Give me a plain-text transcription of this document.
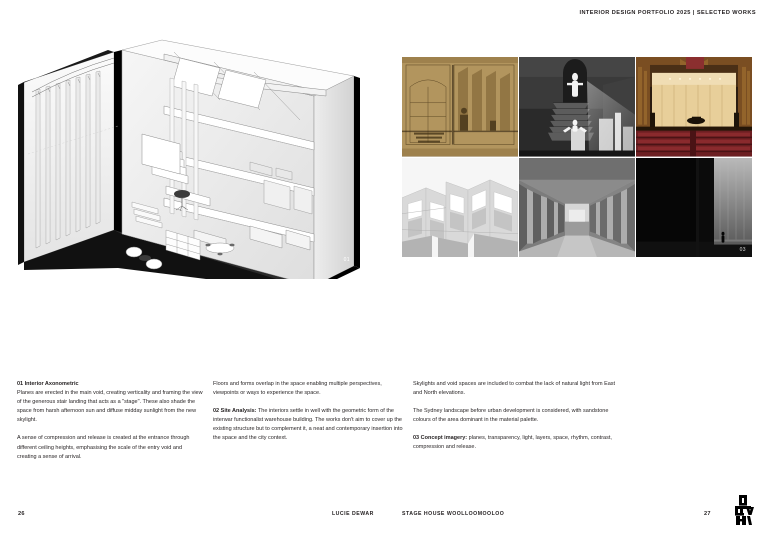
INTERIOR DESIGN PORTFOLIO 2025 | SELECTED WORKS
01
03

01 Interior Axonometric
Planes are erected in the main void, creating verticality and framing the view of the generous stair landing that acts as a "stage". These also shade the space from harsh afternoon sun and diffuse midday sunlight from the new skylight.

A sense of compression and release is created at the entrance through different ceiling heights, emphasising the scale of the entry void and creating a sense of arrival.

Floors and forms overlap in the space enabling multiple perspectives, viewpoints or ways to experience the space.

02 Site Analysis: The interiors settle in well with the geometric form of the interwar functionalist warehouse building. The works don't aim to cover up the existing structure but to complement it, a neat and contemporary insertion into the space and the city context.

Skylights and void spaces are included to combat the lack of natural light from East and North elevations.

The Sydney landscape before urban development is considered, with sandstone colours of the area dominant in the material palette.

03 Concept imagery: planes, transparency, light, layers, space, rhythm, contrast, compression and release.

26	LUCIE DEWAR	STAGE HOUSE WOOLLOOMOOLOO	27
